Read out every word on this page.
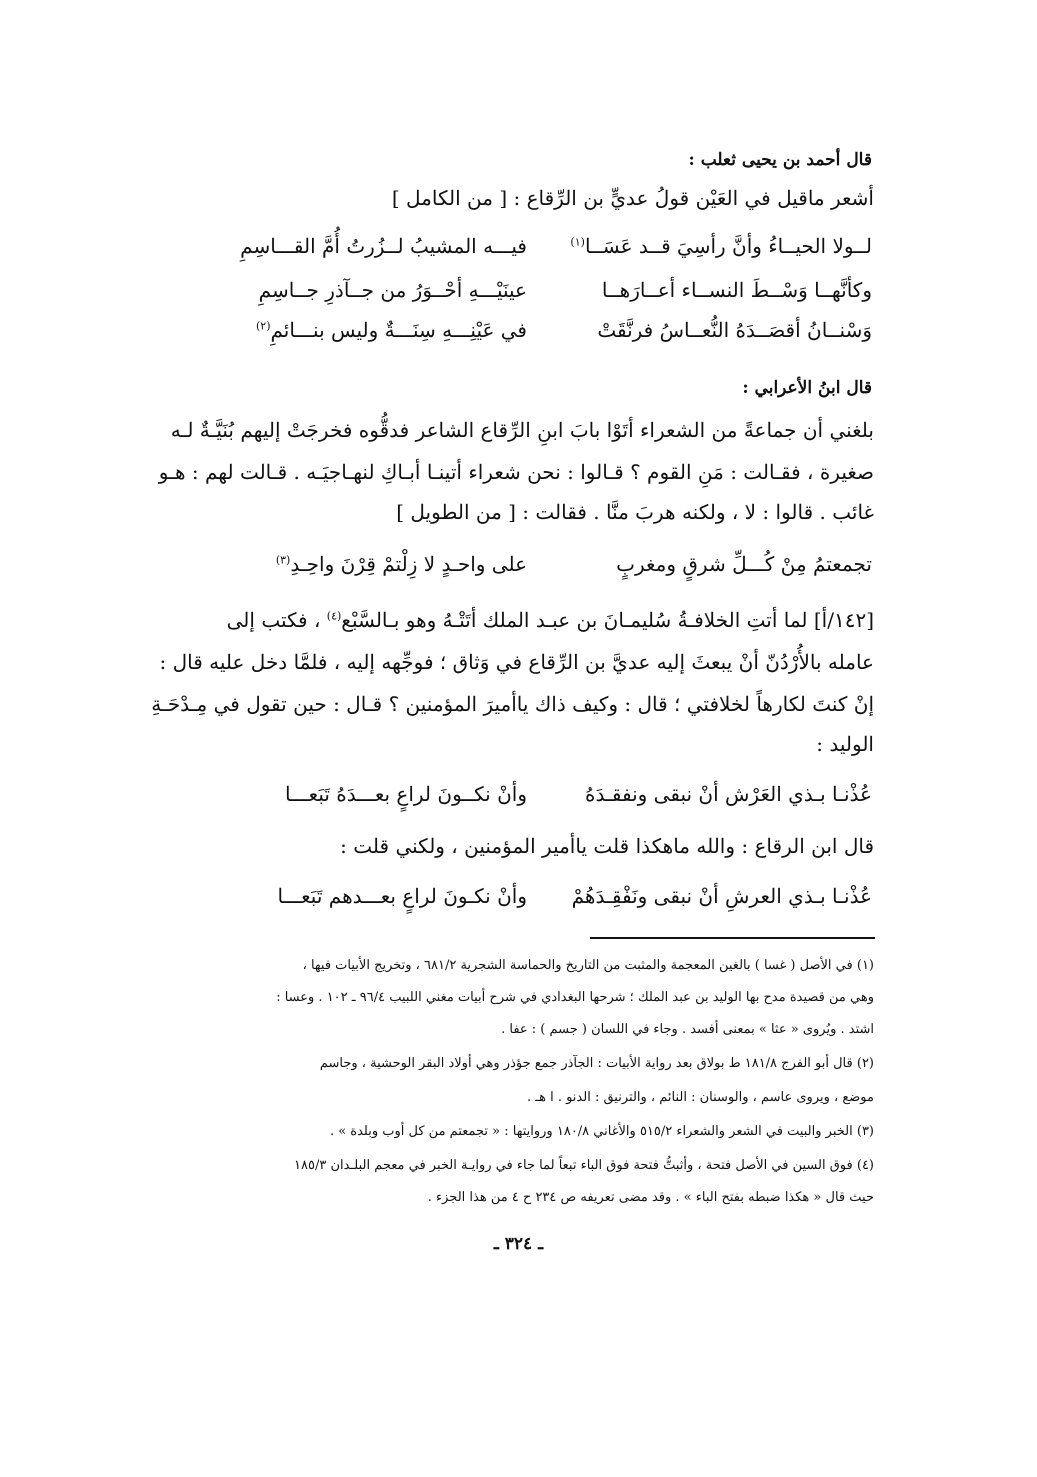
قال أحمد بن يحيى ثعلب :
أشعر ماقيل في العَيْن قولُ عديٍّ بن الرِّقاع : [ من الكامل ]
لــولا الحيــاءُ وأنَّ رأسِيَ قــد عَسَــا$^{(١)}$
فيـــه المشيبُ لــزُرتُ أُمَّ القـــاسِمِ
وكأنَّهــا وَسْــطَ النســاء أعــارَهــا
عينَيْـــهِ أحْــوَرُ من جــآذرِ جــاسِمِ
وَسْنــانُ أقصَــدَهُ النُّعــاسُ فرنَّقَتْ
في عَيْنِـــهِ سِنَـــةٌ وليس بنـــائمِ$^{(٢)}$
قال ابنُ الأعرابي :
بلغني أن جماعةً من الشعراء أتَوْا بابَ ابنِ الرِّقاع الشاعر فدقُّوه فخرجَتْ إليهم بُنَيَّـةٌ لـه
صغيرة ، فقـالت : مَنِ القوم ؟ قـالوا : نحن شعراء أتينـا أبـاكِ لنهـاجيَـه . قـالت لهم : هـو
غائب . قالوا : لا ، ولكنه هربَ منَّا . فقالت : [ من الطويل ]
تجمعتمُ مِنْ كُـــلِّ شرقٍ ومغربٍ
على واحـدٍ لا زِلْتمْ قِرْنَ واحِـدِ$^{(٣)}$
[١٤٢/أ] لما أتتِ الخلافـةُ سُليمـانَ بن عبـد الملك أتَتْـهُ وهو بـالسَّبْع$^{(٤)}$ ، فكتب إلى
عامله بالأُرْدُنّ أنْ يبعثَ إليه عديَّ بن الرِّقاع في وَثاق ؛ فوجِّهه إليه ، فلمَّا دخل عليه قال :
إنْ كنتَ لكارهاً لخلافتي ؛ قال : وكيف ذاك ياأميرَ المؤمنين ؟ قـال : حين تقول في مِـدْحَـةِ
الوليد :
عُذْنـا بـذي العَرْش أنْ نبقى ونفقـدَهُ
وأنْ نكــونَ لراعٍ بعـــدَهُ تَبَعـــا
قال ابن الرقاع : والله ماهكذا قلت ياأمير المؤمنين ، ولكني قلت :
عُذْنـا بـذي العرشِ أنْ نبقى ونَفْقِـدَهُمْ
وأنْ نكـونَ لراعٍ بعـــدهم تَبَعـــا
(١) في الأصل ( غسا ) بالغين المعجمة والمثبت من التاريخ والحماسة الشجرية ٦٨١/٢ ، وتخريج الأبيات فيها ،
وهي من قصيدة مدح بها الوليد بن عبد الملك ؛ شرحها البغدادي في شرح أبيات مغني اللبيب ٩٦/٤ ـ ١٠٢ . وعسا :
اشتد . ويُروى « عثا » بمعنى أفسد . وجاء في اللسان ( جسم ) : عفا .
(٢) قال أبو الفرج ١٨١/٨ ط بولاق بعد رواية الأبيات : الجآذر جمع جؤذر وهي أولاد البقر الوحشية ، وجاسم
موضع ، ويروى عاسم ، والوسنان : النائم ، والترنيق : الدنو . ا هـ .
(٣) الخبر والبيت في الشعر والشعراء ٥١٥/٢ والأغاني ١٨٠/٨ وروايتها : « تجمعتم من كل أوب وبلدة » .
(٤) فوق السين في الأصل فتحة ، وأثبتُّ فتحة فوق الباء تبعاً لما جاء في روايـة الخبر في معجم البلـدان ١٨٥/٣
حيث قال « هكذا ضبطه بفتح الباء » . وقد مضى تعريفه ص ٢٣٤ ح ٤ من هذا الجزء .
ـ ٣٢٤ ـ
